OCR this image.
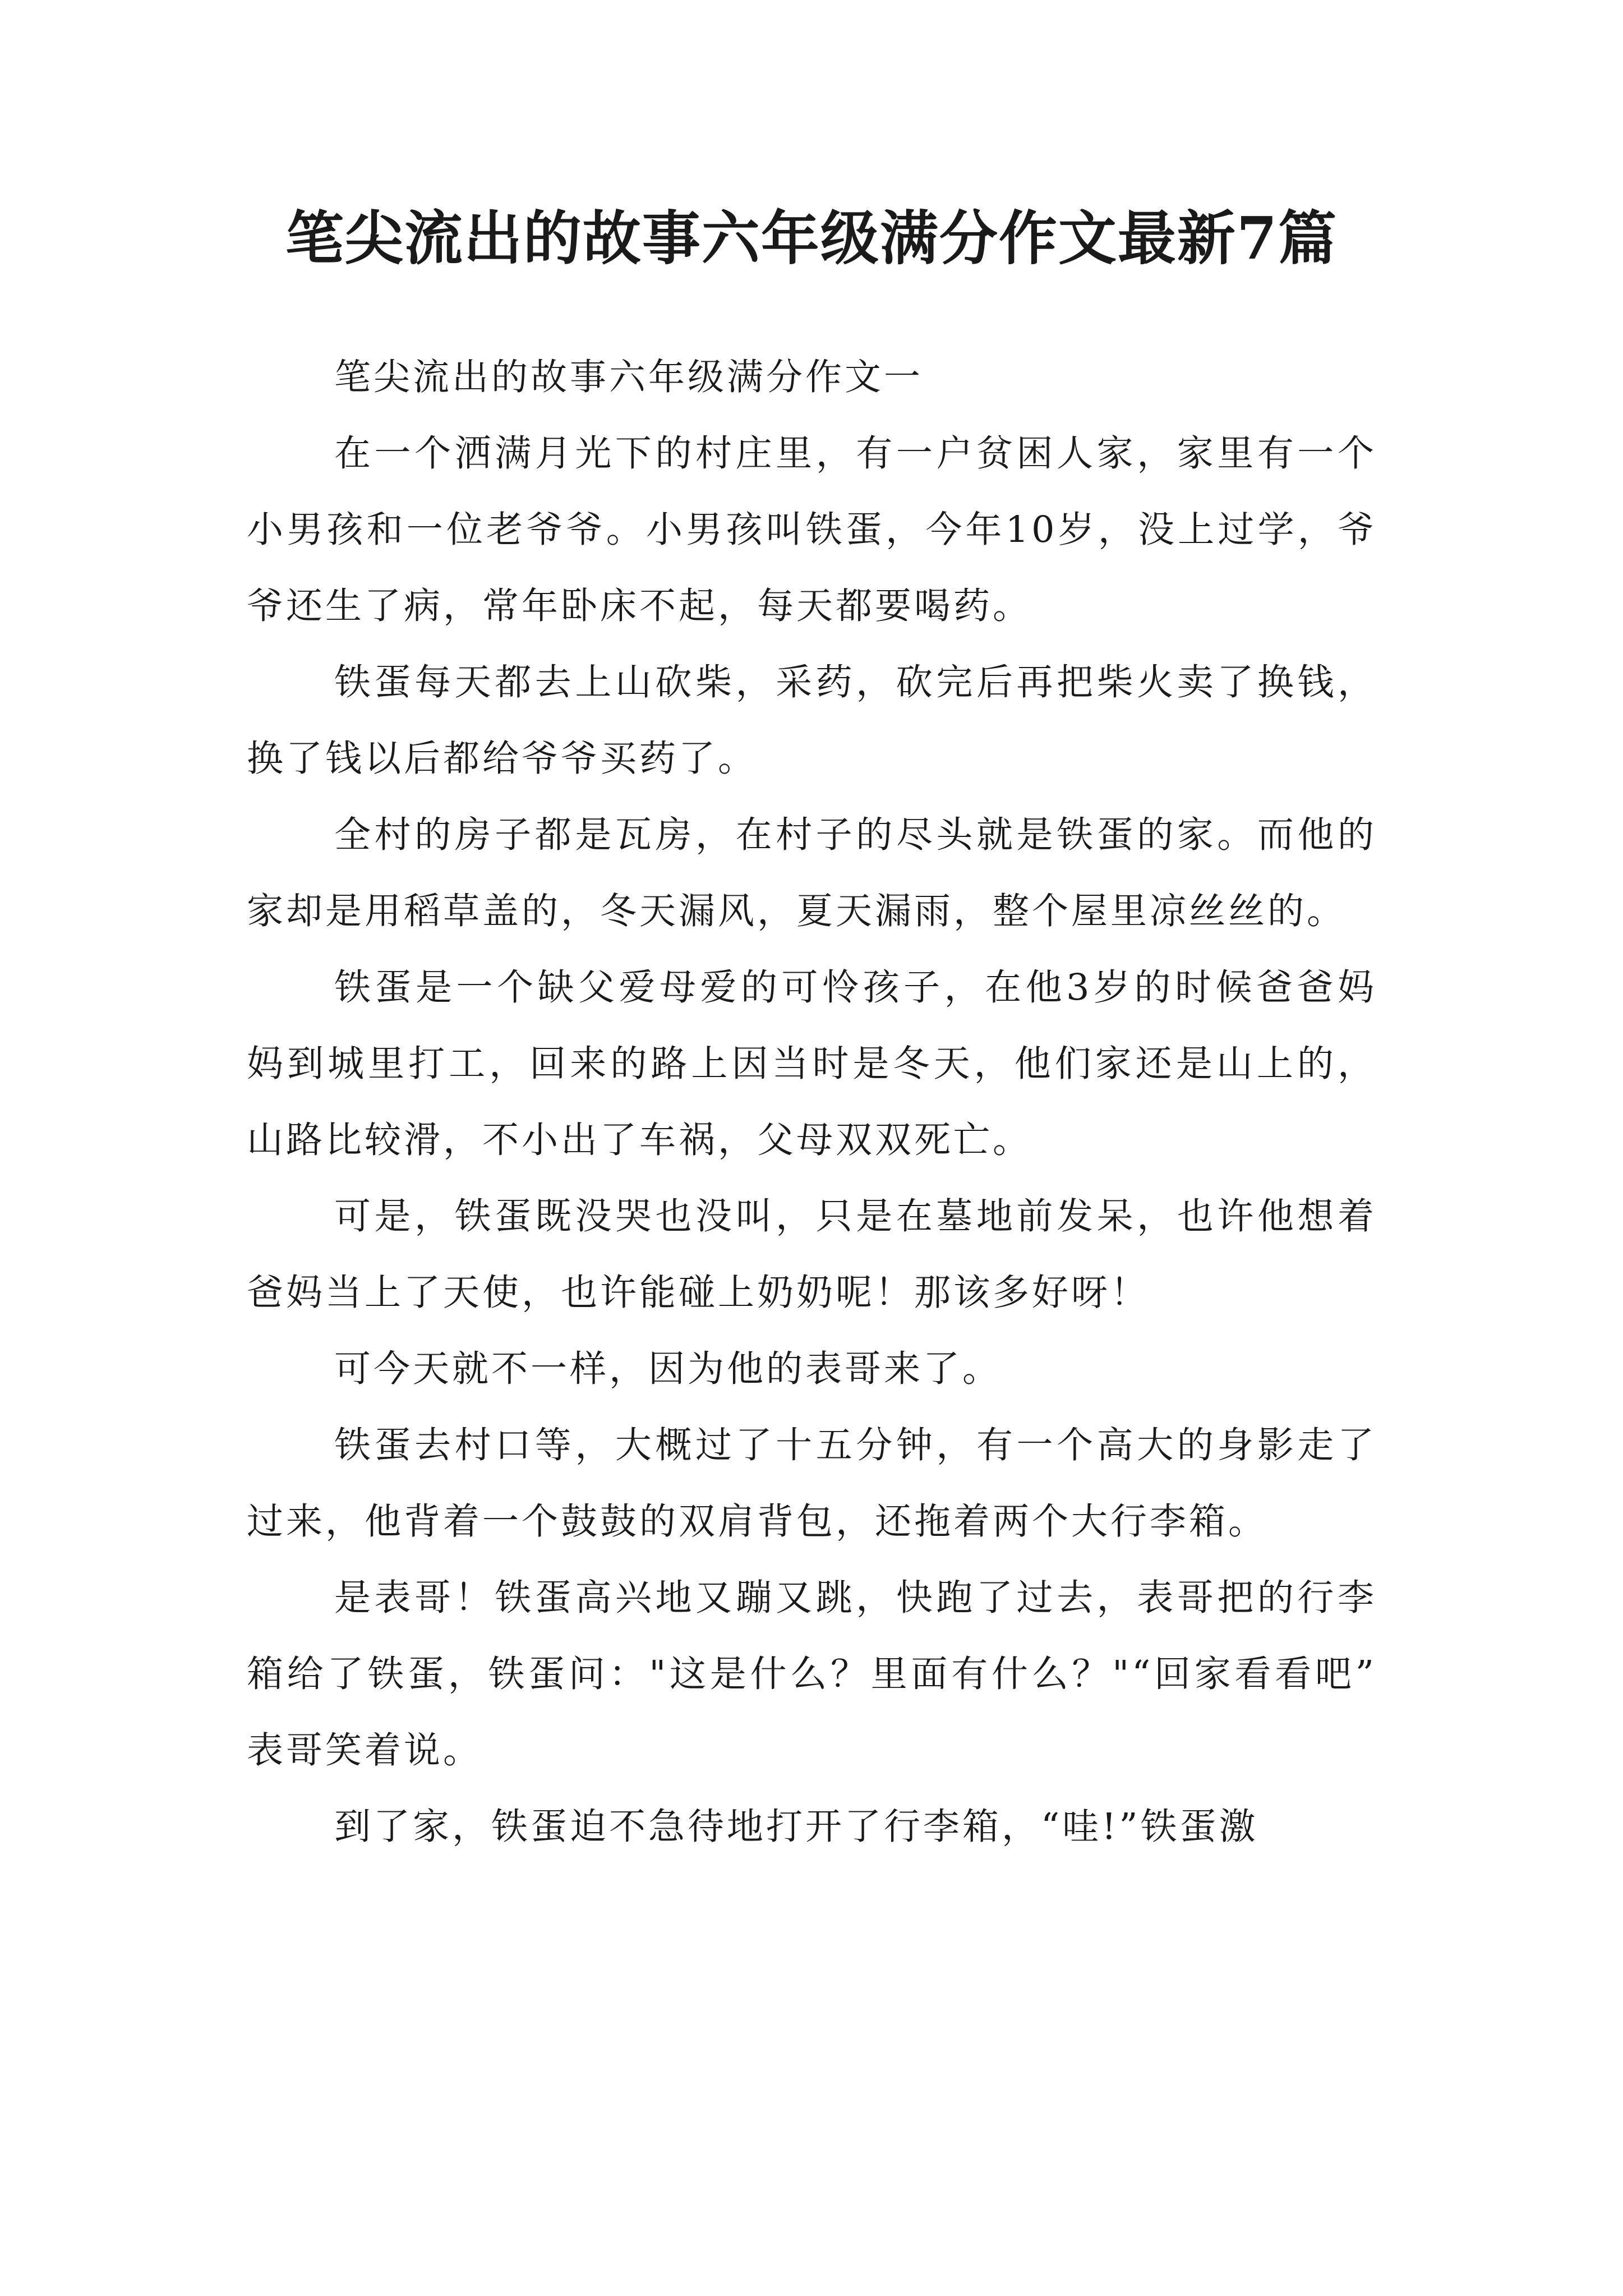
笔尖流出的故事六年级满分作文最新7篇

笔尖流出的故事六年级满分作文一

在一个洒满月光下的村庄里，有一户贫困人家，家里有一个小男孩和一位老爷爷。小男孩叫铁蛋，今年10岁，没上过学，爷爷还生了病，常年卧床不起，每天都要喝药。

铁蛋每天都去上山砍柴，采药，砍完后再把柴火卖了换钱，换了钱以后都给爷爷买药了。

全村的房子都是瓦房，在村子的尽头就是铁蛋的家。而他的家却是用稻草盖的，冬天漏风，夏天漏雨，整个屋里凉丝丝的。

铁蛋是一个缺父爱母爱的可怜孩子，在他3岁的时候爸爸妈妈到城里打工，回来的路上因当时是冬天，他们家还是山上的，山路比较滑，不小出了车祸，父母双双死亡。

可是，铁蛋既没哭也没叫，只是在墓地前发呆，也许他想着爸妈当上了天使，也许能碰上奶奶呢！那该多好呀！

可今天就不一样，因为他的表哥来了。

铁蛋去村口等，大概过了十五分钟，有一个高大的身影走了过来，他背着一个鼓鼓的双肩背包，还拖着两个大行李箱。

是表哥！铁蛋高兴地又蹦又跳，快跑了过去，表哥把的行李箱给了铁蛋，铁蛋问："这是什么？里面有什么？"“回家看看吧”表哥笑着说。

到了家，铁蛋迫不急待地打开了行李箱，“哇!”铁蛋激
